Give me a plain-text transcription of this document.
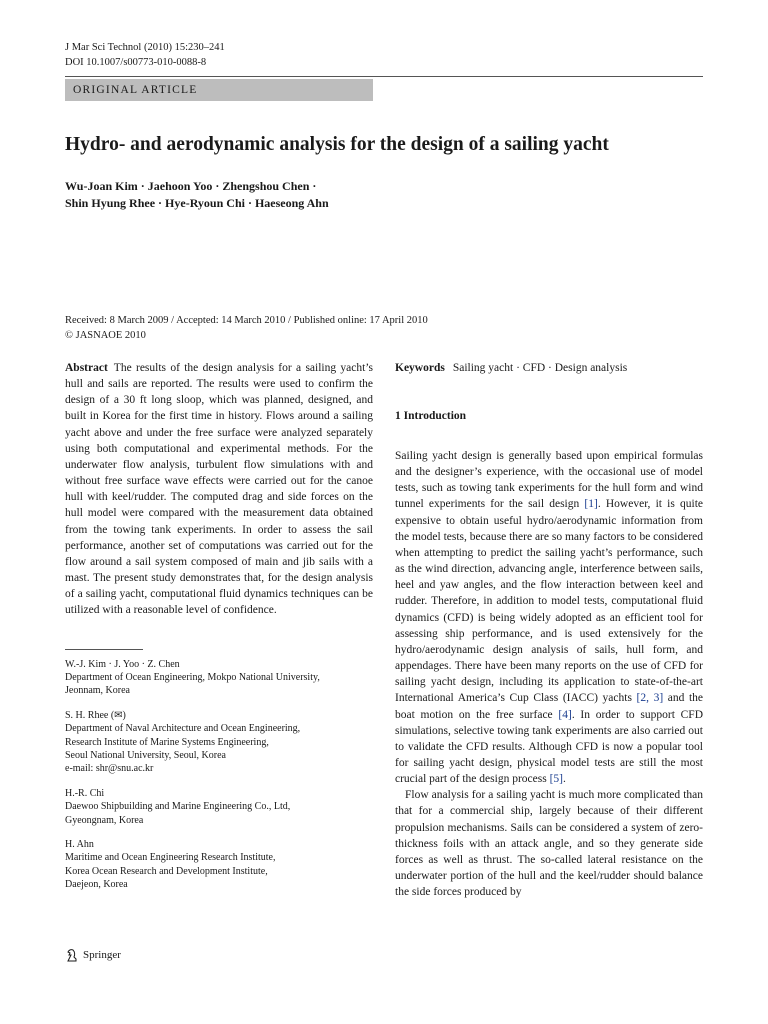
J Mar Sci Technol (2010) 15:230–241
DOI 10.1007/s00773-010-0088-8
ORIGINAL ARTICLE
Hydro- and aerodynamic analysis for the design of a sailing yacht
Wu-Joan Kim · Jaehoon Yoo · Zhengshou Chen ·
Shin Hyung Rhee · Hye-Ryoun Chi · Haeseong Ahn
Received: 8 March 2009 / Accepted: 14 March 2010 / Published online: 17 April 2010
© JASNAOE 2010

Abstract The results of the design analysis for a sailing yacht’s hull and sails are reported. The results were used to confirm the design of a 30 ft long sloop, which was planned, designed, and built in Korea for the first time in history. Flows around a sailing yacht above and under the free surface were analyzed separately using both computational and experimental methods. For the underwater flow analysis, turbulent flow simulations with and without free surface wave effects were carried out for the canoe hull with keel/rudder. The computed drag and side forces on the hull model were compared with the measurement data obtained from the towing tank experiments. In order to assess the sail performance, another set of computations was carried out for the flow around a sail system composed of main and jib sails with a mast. The present study demonstrates that, for the design analysis of a sailing yacht, computational fluid dynamics techniques can be utilized with a reasonable level of confidence.

W.-J. Kim · J. Yoo · Z. Chen
Department of Ocean Engineering, Mokpo National University,
Jeonnam, Korea
S. H. Rhee (✉)
Department of Naval Architecture and Ocean Engineering,
Research Institute of Marine Systems Engineering,
Seoul National University, Seoul, Korea
e-mail: shr@snu.ac.kr
H.-R. Chi
Daewoo Shipbuilding and Marine Engineering Co., Ltd,
Gyeongnam, Korea
H. Ahn
Maritime and Ocean Engineering Research Institute,
Korea Ocean Research and Development Institute,
Daejeon, Korea
Keywords Sailing yacht · CFD · Design analysis
1 Introduction

Sailing yacht design is generally based upon empirical formulas and the designer’s experience, with the occasional use of model tests, such as towing tank experiments for the hull form and wind tunnel experiments for the sail design [1]. However, it is quite expensive to obtain useful hydro/aerodynamic information from the model tests, because there are so many factors to be considered when attempting to predict the sailing yacht’s performance, such as the wind direction, advancing angle, interference between sails, heel and yaw angles, and the flow interaction between keel and rudder. Therefore, in addition to model tests, computational fluid dynamics (CFD) is being widely adopted as an efficient tool for assessing ship performance, and is used extensively for the hydro/aerodynamic design analysis of sails, hull form, and appendages. There have been many reports on the use of CFD for sailing yacht design, including its application to state-of-the-art International America’s Cup Class (IACC) yachts [2, 3] and the boat motion on the free surface [4]. In order to support CFD simulations, selective towing tank experiments are also carried out to validate the CFD results. Although CFD is now a popular tool for sailing yacht design, physical model tests are still the most crucial part of the design process [5].

Flow analysis for a sailing yacht is much more complicated than that for a commercial ship, largely because of their different propulsion mechanisms. Sails can be considered a system of zero-thickness foils with an attack angle, and so they generate side forces as well as thrust. The so-called lateral resistance on the underwater portion of the hull and the keel/rudder should balance the side forces produced by

Springer
